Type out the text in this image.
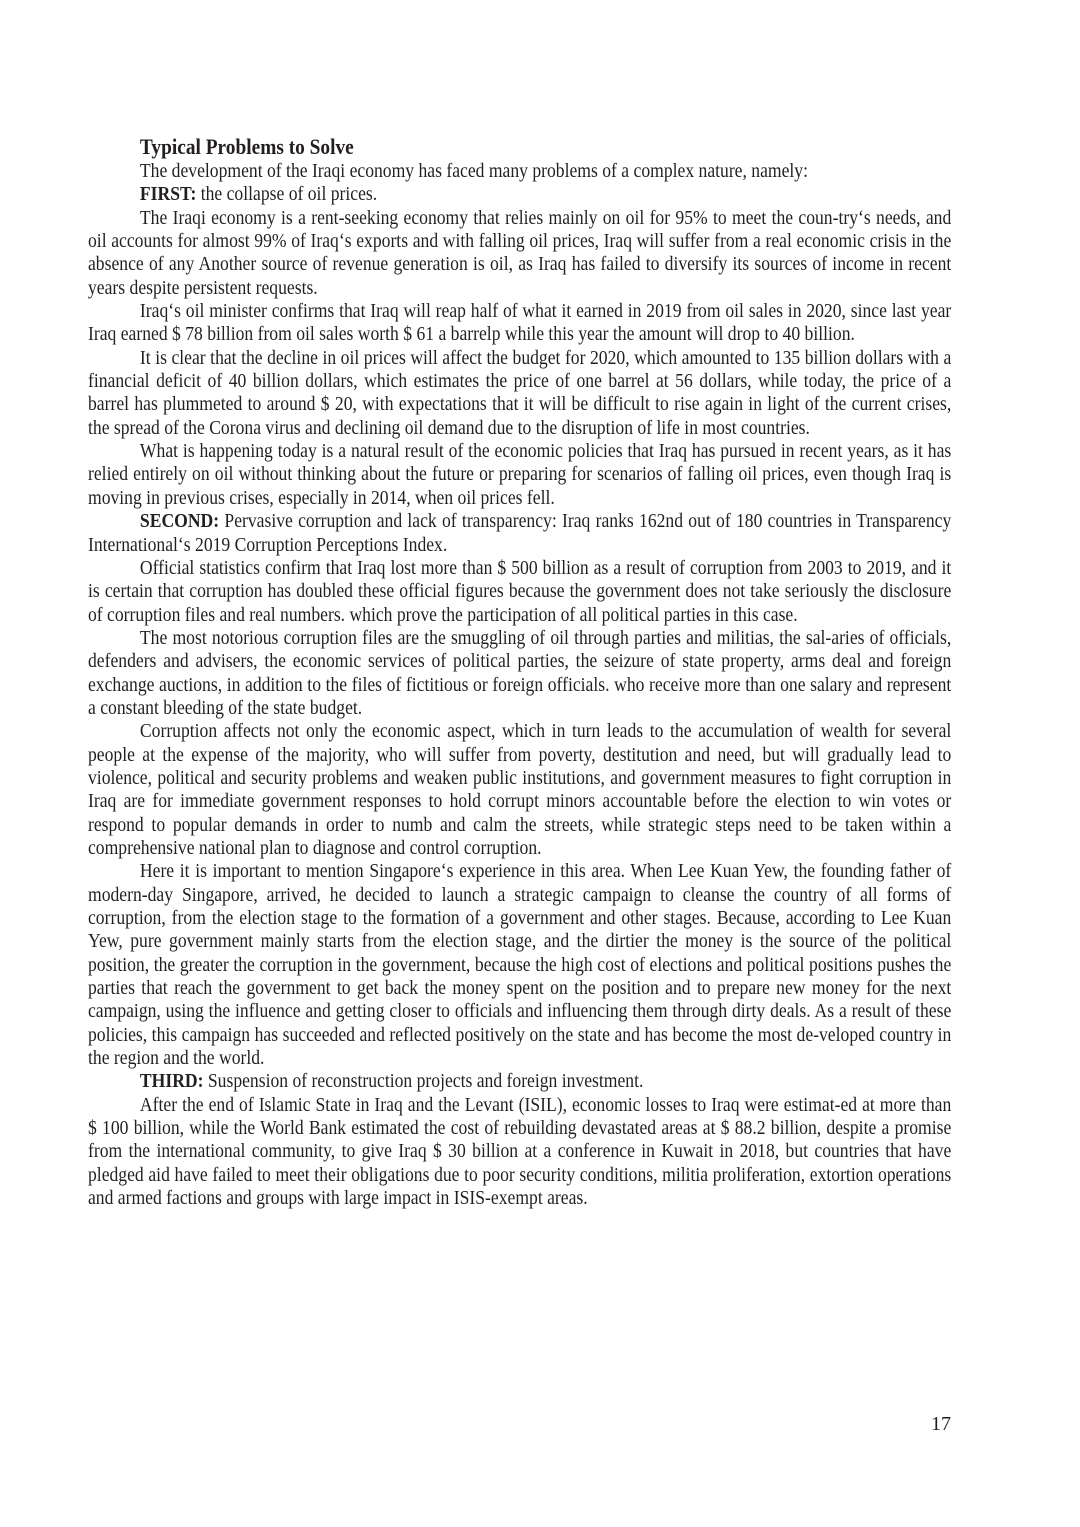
Typical Problems to Solve

The development of the Iraqi economy has faced many problems of a complex nature, namely:

FIRST: the collapse of oil prices.

The Iraqi economy is a rent-seeking economy that relies mainly on oil for 95% to meet the coun-try‘s needs, and oil accounts for almost 99% of Iraq‘s exports and with falling oil prices, Iraq will suffer from a real economic crisis in the absence of any Another source of revenue generation is oil, as Iraq has failed to diversify its sources of income in recent years despite persistent requests.

Iraq‘s oil minister confirms that Iraq will reap half of what it earned in 2019 from oil sales in 2020, since last year Iraq earned $ 78 billion from oil sales worth $ 61 a barrelp while this year the amount will drop to 40 billion.

It is clear that the decline in oil prices will affect the budget for 2020, which amounted to 135 billion dollars with a financial deficit of 40 billion dollars, which estimates the price of one barrel at 56 dollars, while today, the price of a barrel has plummeted to around $ 20, with expectations that it will be difficult to rise again in light of the current crises, the spread of the Corona virus and declining oil demand due to the disruption of life in most countries.

What is happening today is a natural result of the economic policies that Iraq has pursued in recent years, as it has relied entirely on oil without thinking about the future or preparing for scenarios of falling oil prices, even though Iraq is moving in previous crises, especially in 2014, when oil prices fell.

SECOND: Pervasive corruption and lack of transparency: Iraq ranks 162nd out of 180 countries in Transparency International‘s 2019 Corruption Perceptions Index.

Official statistics confirm that Iraq lost more than $ 500 billion as a result of corruption from 2003 to 2019, and it is certain that corruption has doubled these official figures because the government does not take seriously the disclosure of corruption files and real numbers. which prove the participation of all political parties in this case.

The most notorious corruption files are the smuggling of oil through parties and militias, the sal-aries of officials, defenders and advisers, the economic services of political parties, the seizure of state property, arms deal and foreign exchange auctions, in addition to the files of fictitious or foreign officials. who receive more than one salary and represent a constant bleeding of the state budget.

Corruption affects not only the economic aspect, which in turn leads to the accumulation of wealth for several people at the expense of the majority, who will suffer from poverty, destitution and need, but will gradually lead to violence, political and security problems and weaken public institutions, and government measures to fight corruption in Iraq are for immediate government responses to hold corrupt minors accountable before the election to win votes or respond to popular demands in order to numb and calm the streets, while strategic steps need to be taken within a comprehensive national plan to diagnose and control corruption.

Here it is important to mention Singapore‘s experience in this area. When Lee Kuan Yew, the founding father of modern-day Singapore, arrived, he decided to launch a strategic campaign to cleanse the country of all forms of corruption, from the election stage to the formation of a government and other stages. Because, according to Lee Kuan Yew, pure government mainly starts from the election stage, and the dirtier the money is the source of the political position, the greater the corruption in the government, because the high cost of elections and political positions pushes the parties that reach the government to get back the money spent on the position and to prepare new money for the next campaign, using the influence and getting closer to officials and influencing them through dirty deals. As a result of these policies, this campaign has succeeded and reflected positively on the state and has become the most de-veloped country in the region and the world.

THIRD: Suspension of reconstruction projects and foreign investment.

After the end of Islamic State in Iraq and the Levant (ISIL), economic losses to Iraq were estimat-ed at more than $ 100 billion, while the World Bank estimated the cost of rebuilding devastated areas at $ 88.2 billion, despite a promise from the international community, to give Iraq $ 30 billion at a conference in Kuwait in 2018, but countries that have pledged aid have failed to meet their obligations due to poor security conditions, militia proliferation, extortion operations and armed factions and groups with large impact in ISIS-exempt areas.

17
